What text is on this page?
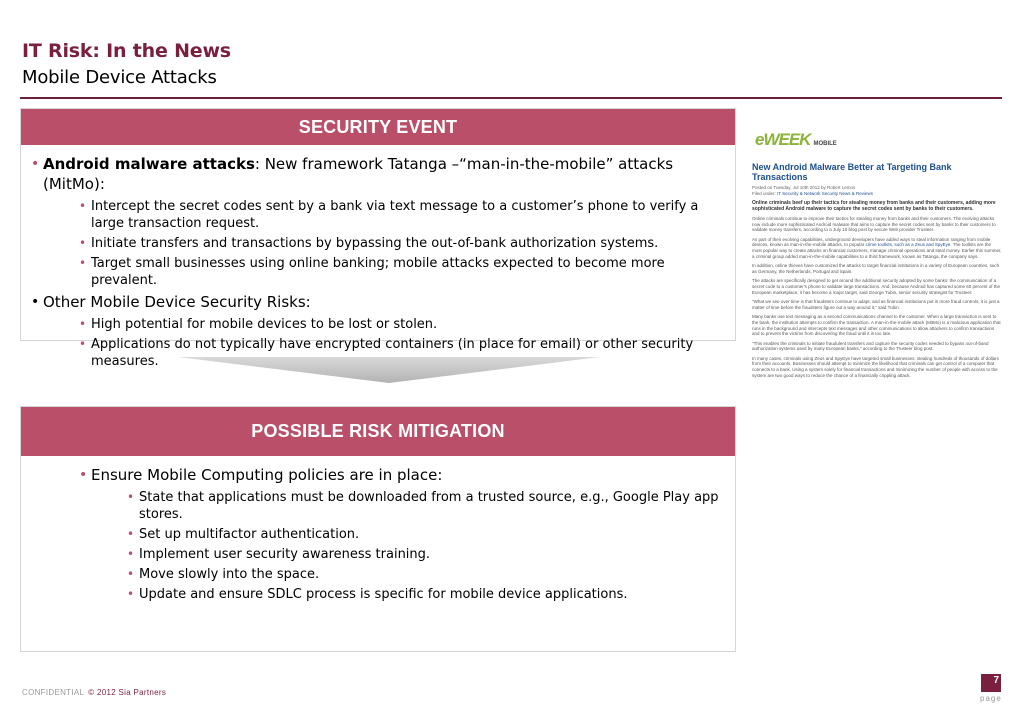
IT Risk: In the News
Mobile Device Attacks
SECURITY EVENT
• Android malware attacks: New framework Tatanga –“man-in-the-mobile” attacks (MitMo):
• Intercept the secret codes sent by a bank via text message to a customer’s phone to verify a large transaction request.
• Initiate transfers and transactions by bypassing the out-of-bank authorization systems.
• Target small businesses using online banking; mobile attacks expected to become more prevalent.
• Other Mobile Device Security Risks:
• High potential for mobile devices to be lost or stolen.
• Applications do not typically have encrypted containers (in place for email) or other security measures.
POSSIBLE RISK MITIGATION
• Ensure Mobile Computing policies are in place:
• State that applications must be downloaded from a trusted source, e.g., Google Play app stores.
• Set up multifactor authentication.
• Implement user security awareness training.
• Move slowly into the space.
• Update and ensure SDLC process is specific for mobile device applications.
eWEEK MOBILE
New Android Malware Better at Targeting Bank Transactions
Posted on Tuesday, Jul 10th 2012 by Robert Lemos
Filed under: IT Security & Network Security News & Reviews
Online criminals beef up their tactics for stealing money from banks and their customers, adding more sophisticated Android malware to capture the secret codes sent by banks to their customers.
Online criminals continue to improve their tactics for stealing money from banks and their customers. The evolving attacks now include more sophisticated Android malware that aims to capture the secret codes sent by banks to their customers to validate money transfers, according to a July 10 blog post by secure Web provider Trusteer.
As part of their evolving capabilities, underground developers have added ways to steal information ranging from mobile devices, known as man-in-the-mobile attacks, to popular crime toolkits, such as a Zeus and SpyEye. The toolkits are the most popular way to create attacks on financial customers, manage criminal operations and steal money. Earlier this summer, a criminal group added man-in-the-mobile capabilities to a third framework, known as Tatanga, the company says.
In addition, online thieves have customized the attacks to target financial institutions in a variety of European countries, such as Germany, the Netherlands, Portugal and Spain.
The attacks are specifically designed to get around the additional security adopted by some banks: the communication of a secret code to a customer's phone to validate large transactions. And, because Android has captured some 60 percent of the European marketplace, it has become a major target, said George Tubin, senior security strategist for Trusteer.
"What we see over time is that fraudsters continue to adapt, and as financial institutions put in more fraud controls, it is just a matter of time before the fraudsters figure out a way around it," said Tubin.
Many banks use text messaging as a second communications channel to the customer. When a large transaction is sent to the bank, the institution attempts to confirm the transaction. A man-in-the-mobile attack (MitMo) is a malicious application that runs in the background and intercepts text messages and other communications to allow attackers to confirm transactions and to prevent the victims from discovering the fraud until it is too late.
"This enables the criminals to initiate fraudulent transfers and capture the security codes needed to bypass out-of-band authorization systems used by many European banks," according to the Trusteer blog post.
In many cases, criminals using Zeus and SpyEye have targeted small businesses, stealing hundreds of thousands of dollars from their accounts. Businesses should attempt to minimize the likelihood that criminals can get control of a computer that connects to a bank. Using a system solely for financial transactions and minimizing the number of people with access to the system are two good ways to reduce the chance of a financially crippling attack.
CONFIDENTIAL © 2012 Sia Partners
7
page
